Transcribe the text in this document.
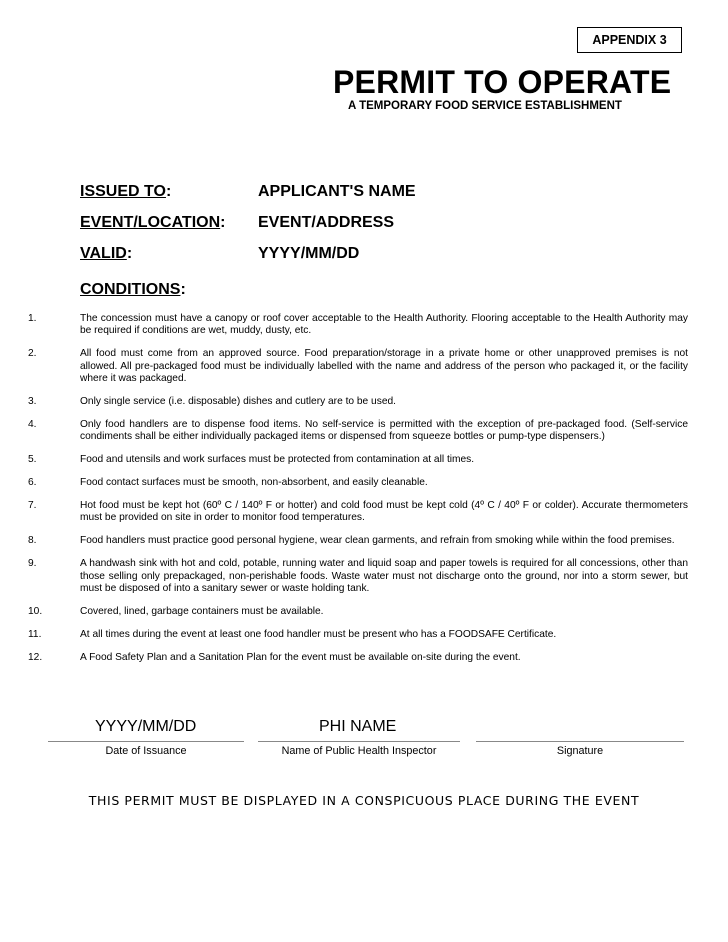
APPENDIX 3
PERMIT TO OPERATE
A TEMPORARY FOOD SERVICE ESTABLISHMENT
ISSUED TO:	APPLICANT'S NAME
EVENT/LOCATION: EVENT/ADDRESS
VALID:	YYYY/MM/DD
CONDITIONS:
1.	The concession must have a canopy or roof cover acceptable to the Health Authority. Flooring acceptable to the Health Authority may be required if conditions are wet, muddy, dusty, etc.
2.	All food must come from an approved source. Food preparation/storage in a private home or other unapproved premises is not allowed. All pre-packaged food must be individually labelled with the name and address of the person who packaged it, or the facility where it was packaged.
3.	Only single service (i.e. disposable) dishes and cutlery are to be used.
4.	Only food handlers are to dispense food items. No self-service is permitted with the exception of pre-packaged food. (Self-service condiments shall be either individually packaged items or dispensed from squeeze bottles or pump-type dispensers.)
5.	Food and utensils and work surfaces must be protected from contamination at all times.
6.	Food contact surfaces must be smooth, non-absorbent, and easily cleanable.
7.	Hot food must be kept hot (60º C / 140º F or hotter) and cold food must be kept cold (4º C / 40º F or colder). Accurate thermometers must be provided on site in order to monitor food temperatures.
8.	Food handlers must practice good personal hygiene, wear clean garments, and refrain from smoking while within the food premises.
9.	A handwash sink with hot and cold, potable, running water and liquid soap and paper towels is required for all concessions, other than those selling only prepackaged, non-perishable foods. Waste water must not discharge onto the ground, nor into a storm sewer, but must be disposed of into a sanitary sewer or waste holding tank.
10.	Covered, lined, garbage containers must be available.
11.	At all times during the event at least one food handler must be present who has a FOODSAFE Certificate.
12.	A Food Safety Plan and a Sanitation Plan for the event must be available on-site during the event.
YYYY/MM/DD	PHI NAME
Date of Issuance	Name of Public Health Inspector	Signature
THIS PERMIT MUST BE DISPLAYED IN A CONSPICUOUS PLACE DURING THE EVENT
